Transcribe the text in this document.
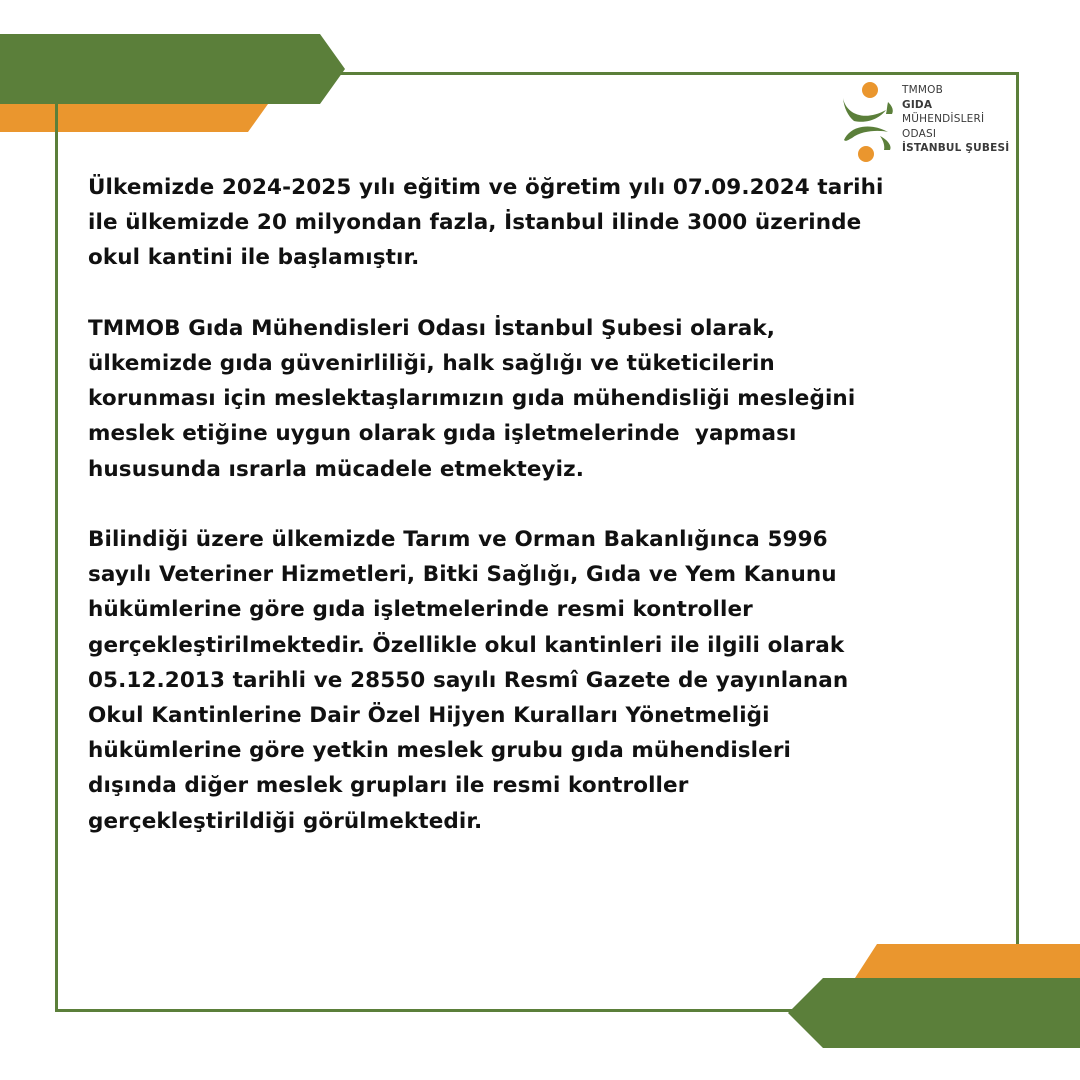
TMMOB
GIDA
MÜHENDİSLERİ
ODASI
İSTANBUL ŞUBESİ

Ülkemizde 2024-2025 yılı eğitim ve öğretim yılı 07.09.2024 tarihi
ile ülkemizde 20 milyondan fazla, İstanbul ilinde 3000 üzerinde
okul kantini ile başlamıştır.

TMMOB Gıda Mühendisleri Odası İstanbul Şubesi olarak,
ülkemizde gıda güvenirliliği, halk sağlığı ve tüketicilerin
korunması için meslektaşlarımızın gıda mühendisliği mesleğini
meslek etiğine uygun olarak gıda işletmelerinde  yapması
hususunda ısrarla mücadele etmekteyiz.

Bilindiği üzere ülkemizde Tarım ve Orman Bakanlığınca 5996
sayılı Veteriner Hizmetleri, Bitki Sağlığı, Gıda ve Yem Kanunu
hükümlerine göre gıda işletmelerinde resmi kontroller
gerçekleştirilmektedir. Özellikle okul kantinleri ile ilgili olarak
05.12.2013 tarihli ve 28550 sayılı Resmî Gazete de yayınlanan
Okul Kantinlerine Dair Özel Hijyen Kuralları Yönetmeliği
hükümlerine göre yetkin meslek grubu gıda mühendisleri
dışında diğer meslek grupları ile resmi kontroller
gerçekleştirildiği görülmektedir.
